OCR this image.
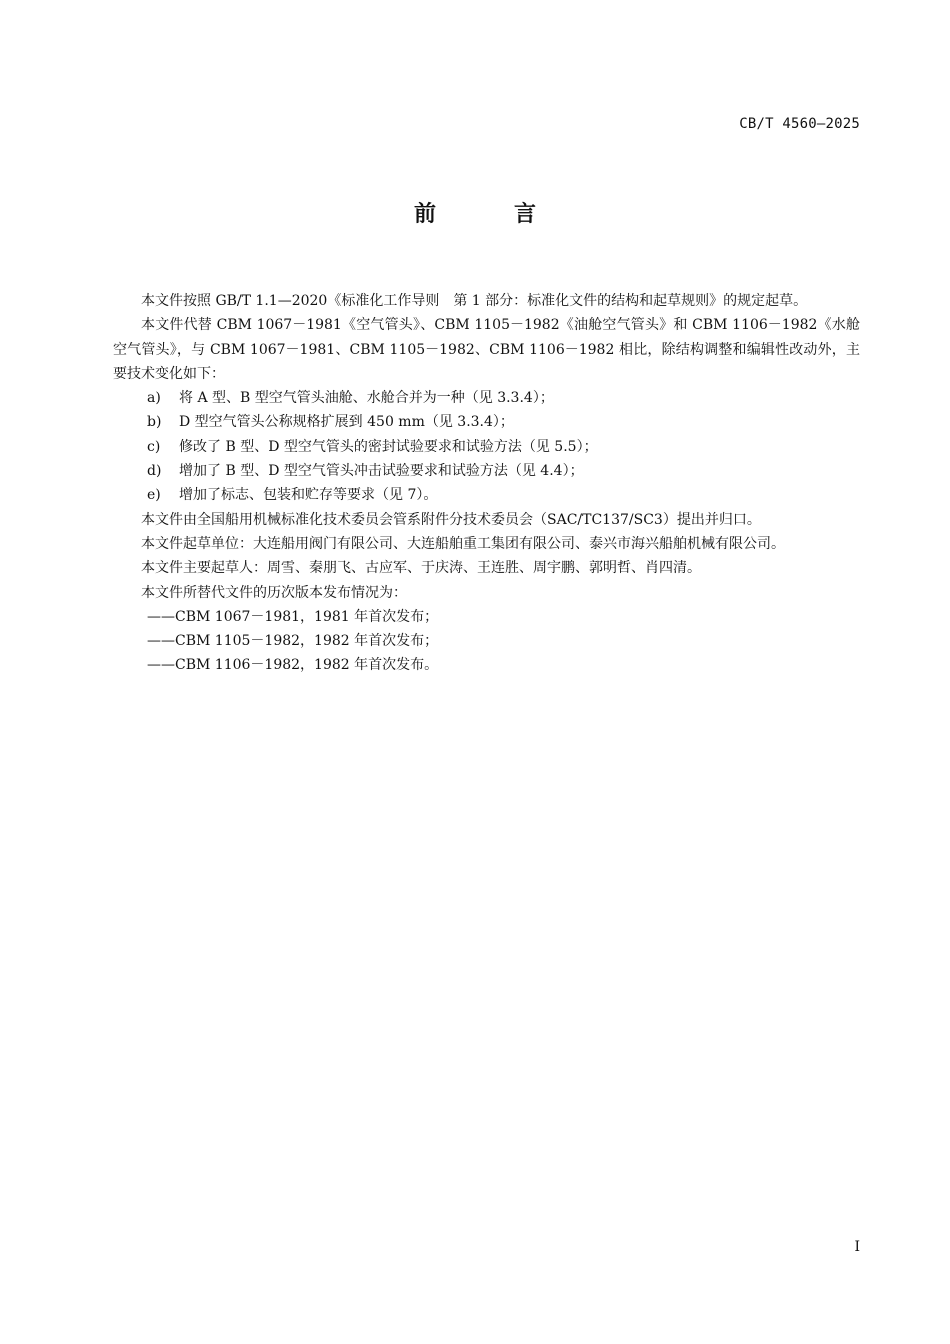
CB/T 4560—2025
前　言

本文件按照 GB/T 1.1—2020《标准化工作导则　第 1 部分：标准化文件的结构和起草规则》的规定起草。

本文件代替 CBM 1067－1981《空气管头》、CBM 1105－1982《油舱空气管头》和 CBM 1106－1982《水舱空气管头》，与 CBM 1067－1981、CBM 1105－1982、CBM 1106－1982 相比，除结构调整和编辑性改动外，主要技术变化如下：

a)	将 A 型、B 型空气管头油舱、水舱合并为一种（见 3.3.4）；

b)	D 型空气管头公称规格扩展到 450 mm（见 3.3.4）；

c)	修改了 B 型、D 型空气管头的密封试验要求和试验方法（见 5.5）；

d)	增加了 B 型、D 型空气管头冲击试验要求和试验方法（见 4.4）；

e)	增加了标志、包装和贮存等要求（见 7）。

本文件由全国船用机械标准化技术委员会管系附件分技术委员会（SAC/TC137/SC3）提出并归口。

本文件起草单位：大连船用阀门有限公司、大连船舶重工集团有限公司、泰兴市海兴船舶机械有限公司。

本文件主要起草人：周雪、秦朋飞、古应军、于庆涛、王连胜、周宇鹏、郭明哲、肖四清。

本文件所替代文件的历次版本发布情况为：

——CBM 1067－1981，1981 年首次发布；

——CBM 1105－1982，1982 年首次发布；

——CBM 1106－1982，1982 年首次发布。

I
